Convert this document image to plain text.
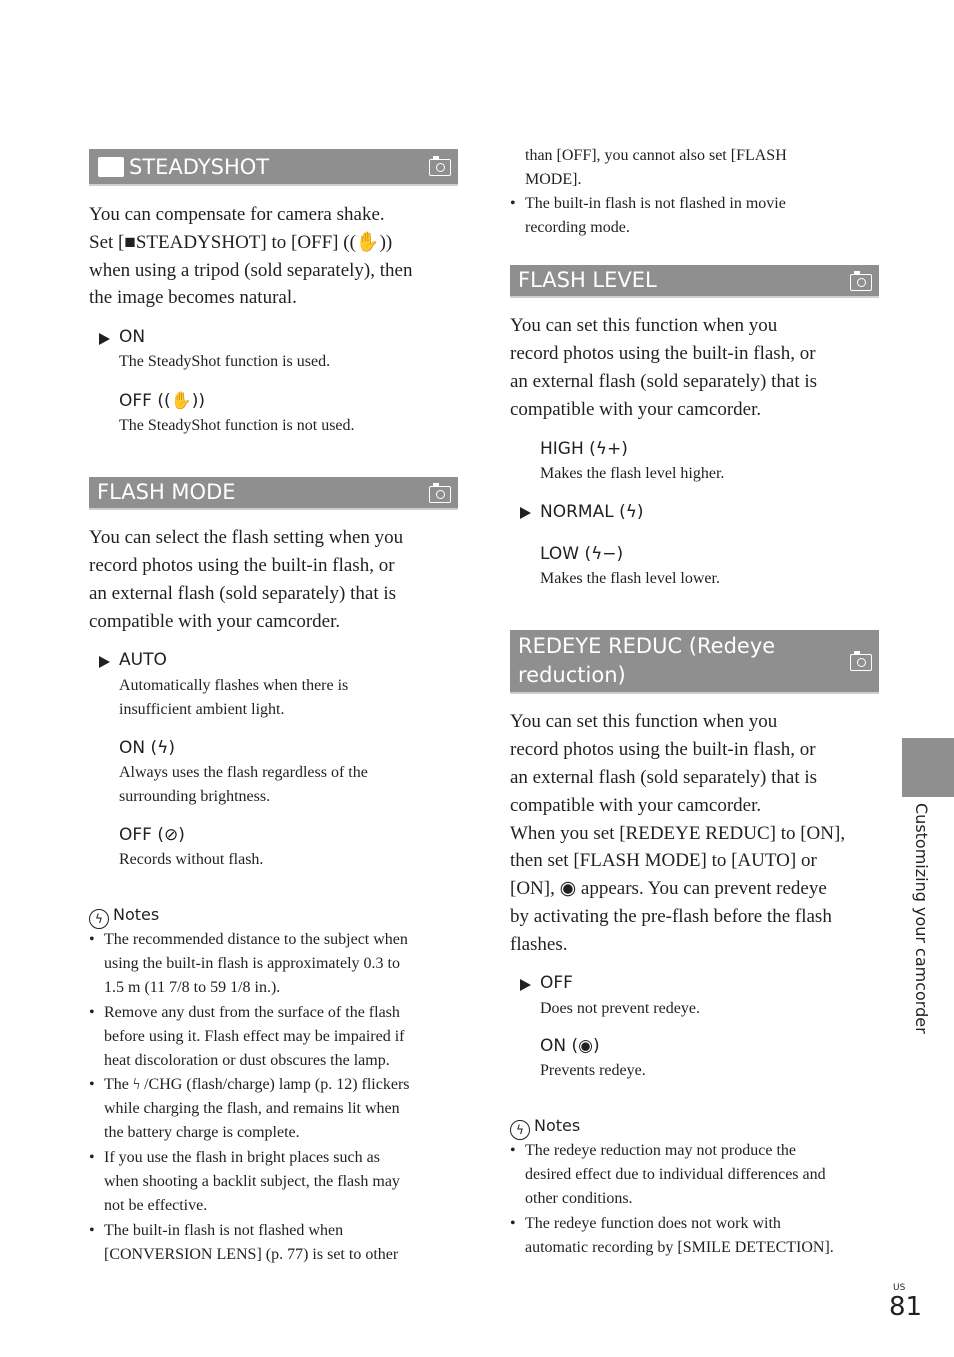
STEADYSHOT
You can compensate for camera shake.
Set [■STEADYSHOT] to [OFF] ((✋))
when using a tripod (sold separately), then
the image becomes natural.
ON
The SteadyShot function is used.
OFF ((✋))
The SteadyShot function is not used.
FLASH MODE
You can select the flash setting when you
record photos using the built-in flash, or
an external flash (sold separately) that is
compatible with your camcorder.
AUTO
Automatically flashes when there is
insufficient ambient light.
ON (ϟ)
Always uses the flash regardless of the
surrounding brightness.
OFF (⊘)
Records without flash.
ϟ Notes
• The recommended distance to the subject when
using the built-in flash is approximately 0.3 to
1.5 m (11 7/8 to 59 1/8 in.).
• Remove any dust from the surface of the flash
before using it. Flash effect may be impaired if
heat discoloration or dust obscures the lamp.
• The ϟ /CHG (flash/charge) lamp (p. 12) flickers
while charging the flash, and remains lit when
the battery charge is complete.
• If you use the flash in bright places such as
when shooting a backlit subject, the flash may
not be effective.
• The built-in flash is not flashed when
[CONVERSION LENS] (p. 77) is set to other
than [OFF], you cannot also set [FLASH
MODE].
• The built-in flash is not flashed in movie
recording mode.
FLASH LEVEL
You can set this function when you
record photos using the built-in flash, or
an external flash (sold separately) that is
compatible with your camcorder.
HIGH (ϟ+)
Makes the flash level higher.
NORMAL (ϟ)
LOW (ϟ−)
Makes the flash level lower.
REDEYE REDUC (Redeye
reduction)
You can set this function when you
record photos using the built-in flash, or
an external flash (sold separately) that is
compatible with your camcorder.
When you set [REDEYE REDUC] to [ON],
then set [FLASH MODE] to [AUTO] or
[ON], ◉ appears. You can prevent redeye
by activating the pre-flash before the flash
flashes.
OFF
Does not prevent redeye.
ON (◉)
Prevents redeye.
ϟ Notes
• The redeye reduction may not produce the
desired effect due to individual differences and
other conditions.
• The redeye function does not work with
automatic recording by [SMILE DETECTION].
Customizing your camcorder
US
81
